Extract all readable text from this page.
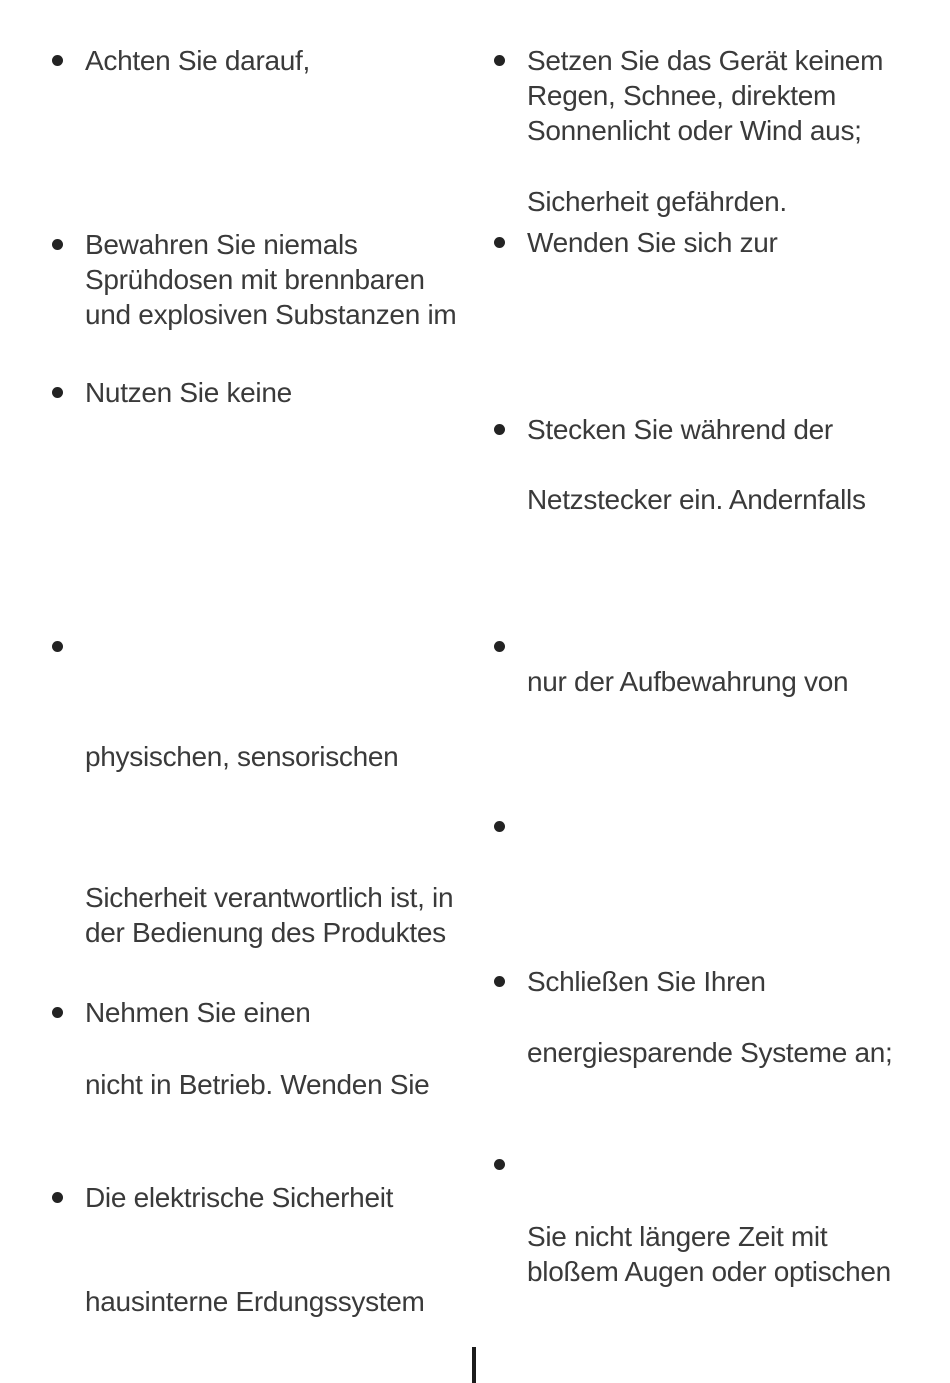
Achten Sie darauf,
Bewahren Sie niemals
Sprühdosen mit brennbaren
und explosiven Substanzen im
Nutzen Sie keine
physischen, sensorischen
Sicherheit verantwortlich ist, in
der Bedienung des Produktes
Nehmen Sie einen
nicht in Betrieb. Wenden Sie
Die elektrische Sicherheit
hausinterne Erdungssystem
Setzen Sie das Gerät keinem
Regen, Schnee, direktem
Sonnenlicht oder Wind aus;
Sicherheit gefährden.
Wenden Sie sich zur
Stecken Sie während der
Netzstecker ein. Andernfalls
nur der Aufbewahrung von
Schließen Sie Ihren
energiesparende Systeme an;
Sie nicht längere Zeit mit
bloßem Augen oder optischen
